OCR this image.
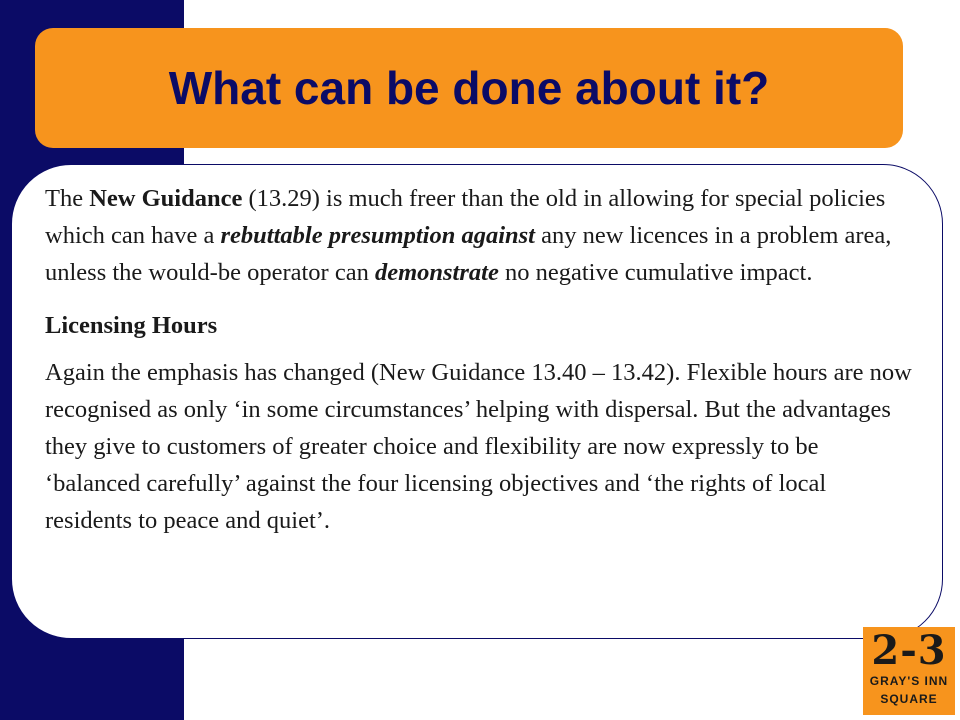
What can be done about it?

The New Guidance (13.29) is much freer than the old in allowing for special policies which can have a rebuttable presumption against any new licences in a problem area, unless the would-be operator can demonstrate no negative cumulative impact.

Licensing Hours

Again the emphasis has changed (New Guidance 13.40 – 13.42). Flexible hours are now recognised as only ‘in some circumstances’ helping with dispersal. But the advantages they give to customers of greater choice and flexibility are now expressly to be ‘balanced carefully’ against the four licensing objectives and ‘the rights of local residents to peace and quiet’.

2-3
GRAY'S INN
SQUARE
